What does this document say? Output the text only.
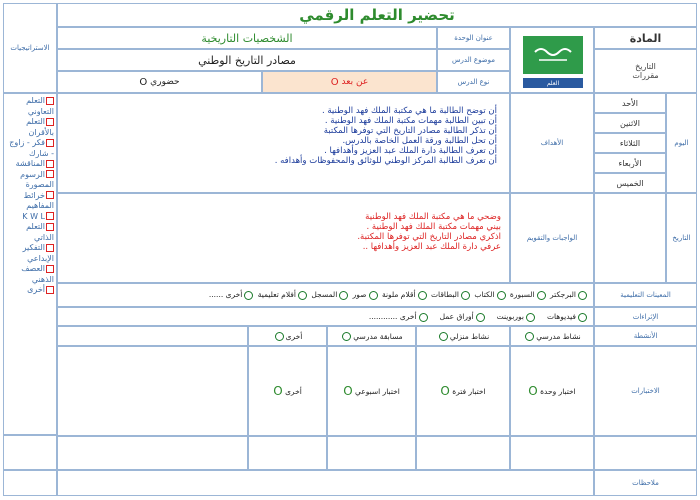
تحضير التعلم الرقمي
الاستراتيجيات
التعلم التعاوني
التعلم بالأقران
فكر - زاوج - شارك
المناقشة
الرسوم المصورة
خرائط المفاهيم
K W L
التعلم الذاتي
التفكير الإبداعي
العصف الذهني
أخرى
المادة
التاريخ
مقررات
العلم
عنوان الوحدة
موضوع الدرس
نوع الدرس
الشخصيات التاريخية
مصادر التاريخ الوطني
عن بعد

O
حضوري

O
اليوم
التاريخ
الأحد
الاثنين
الثلاثاء
الأربعاء
الخميس
الأهداف
أن توضح الطالبة ما هي مكتبة الملك فهد الوطنية .
أن تبين الطالبة مهمات مكتبة الملك فهد الوطنية .
أن تذكر الطالبة مصادر التاريخ التي توفرها المكتبة
أن تحل الطالبة ورقة العمل الخاصة بالدرس.
أن تعرف الطالبة دارة الملك عبد العزيز وأهدافها .
أن تعرف الطالبة المركز الوطني للوثائق والمحفوظات وأهدافه .
الواجبات والتقويم
وضحي ما هي مكتبة الملك فهد الوطنية
بيني مهمات مكتبة الملك فهد الوطنية .
اذكري مصادر التاريخ التي توفرها المكتبة.
عرفي دارة الملك عبد العزيز وأهدافها ..
المعينات التعليمية
البرجكتر السبورة الكتاب البطاقات أقلام ملونة صور المسجل أفلام تعليمية أخرى ......
الإثراءات
فيديوهاتبوربوينتأوراق عملأخرى ............
الأنشطة
نشاط مدرسي
نشاط منزلي
مسابقة مدرسي
أخرى
الاختبارات
اختبار وحدة

O
اختبار فترة

O
اختبار اسبوعي

O
أخرى

O
ملاحظات
